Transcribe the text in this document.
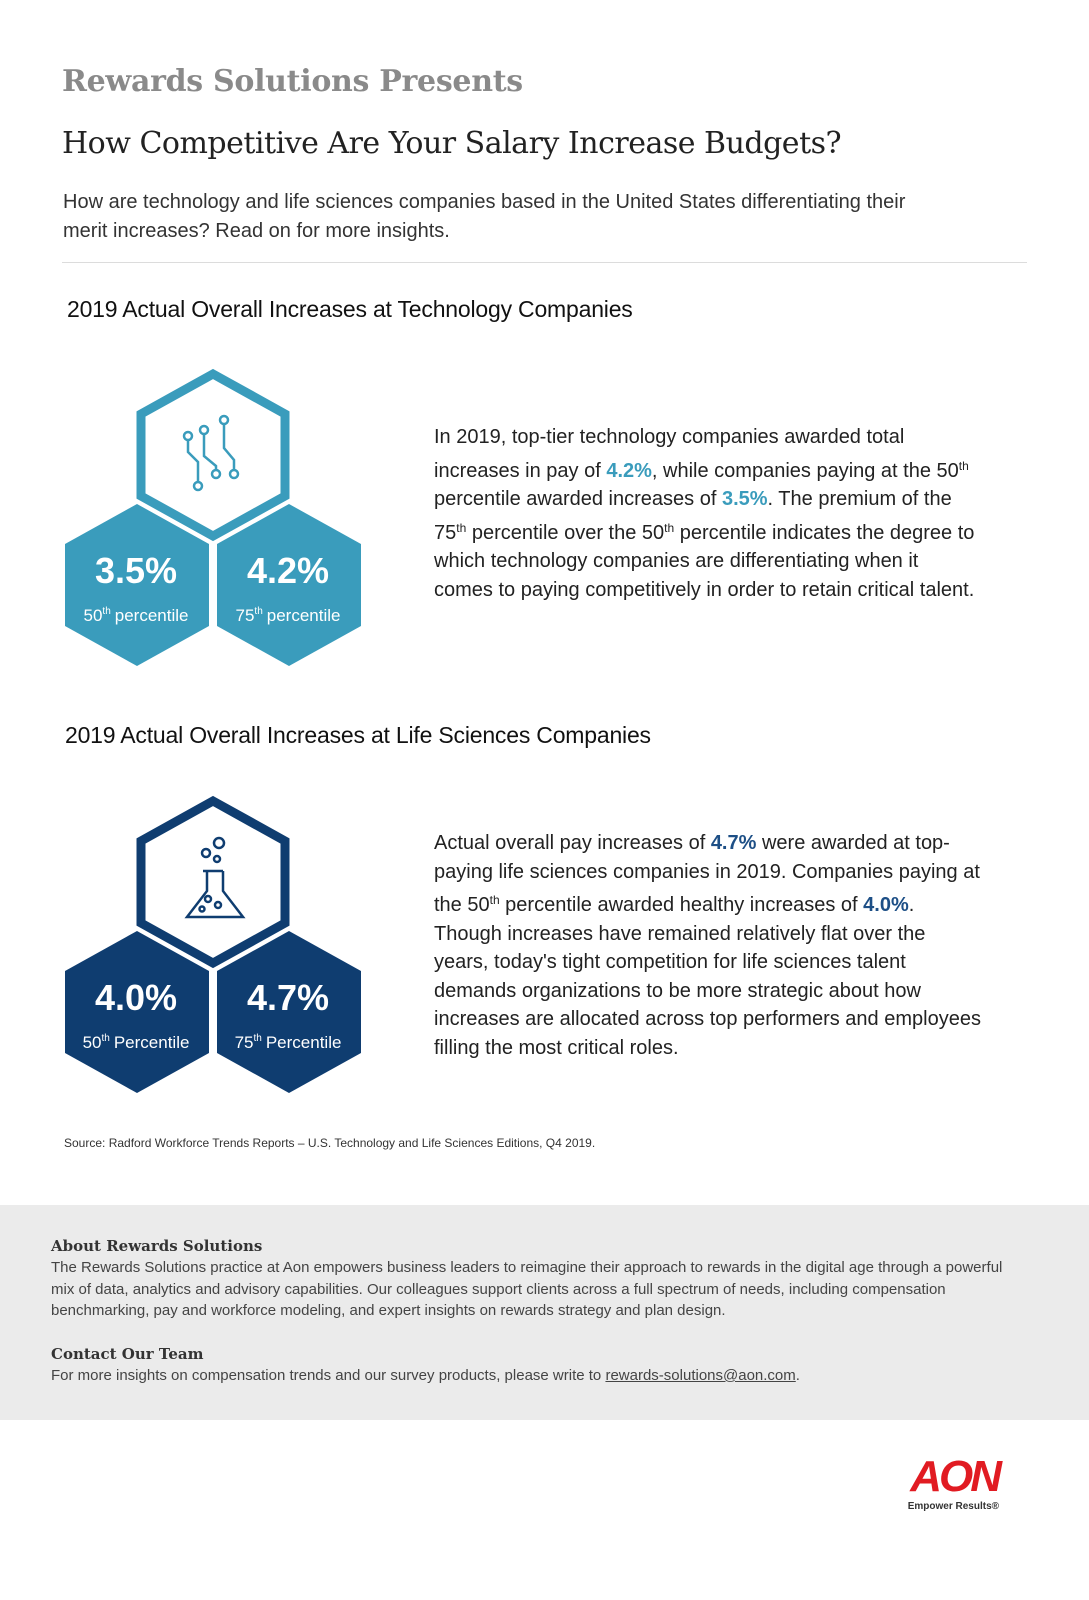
Rewards Solutions Presents
How Competitive Are Your Salary Increase Budgets?

How are technology and life sciences companies based in the United States differentiating their merit increases? Read on for more insights.

2019 Actual Overall Increases at Technology Companies
3.5%
50th percentile
4.2%
75th percentile

In 2019, top-tier technology companies awarded total increases in pay of 4.2%, while companies paying at the 50th percentile awarded increases of 3.5%. The premium of the 75th percentile over the 50th percentile indicates the degree to which technology companies are differentiating when it comes to paying competitively in order to retain critical talent.

2019 Actual Overall Increases at Life Sciences Companies
4.0%
50th Percentile
4.7%
75th Percentile

Actual overall pay increases of 4.7% were awarded at top-paying life sciences companies in 2019. Companies paying at the 50th percentile awarded healthy increases of 4.0%. Though increases have remained relatively flat over the years, today's tight competition for life sciences talent demands organizations to be more strategic about how increases are allocated across top performers and employees filling the most critical roles.

Source: Radford Workforce Trends Reports – U.S. Technology and Life Sciences Editions, Q4 2019.

About Rewards Solutions

The Rewards Solutions practice at Aon empowers business leaders to reimagine their approach to rewards in the digital age through a powerful mix of data, analytics and advisory capabilities. Our colleagues support clients across a full spectrum of needs, including compensation benchmarking, pay and workforce modeling, and expert insights on rewards strategy and plan design.

Contact Our Team

For more insights on compensation trends and our survey products, please write to rewards-solutions@aon.com.

AON
Empower Results®
